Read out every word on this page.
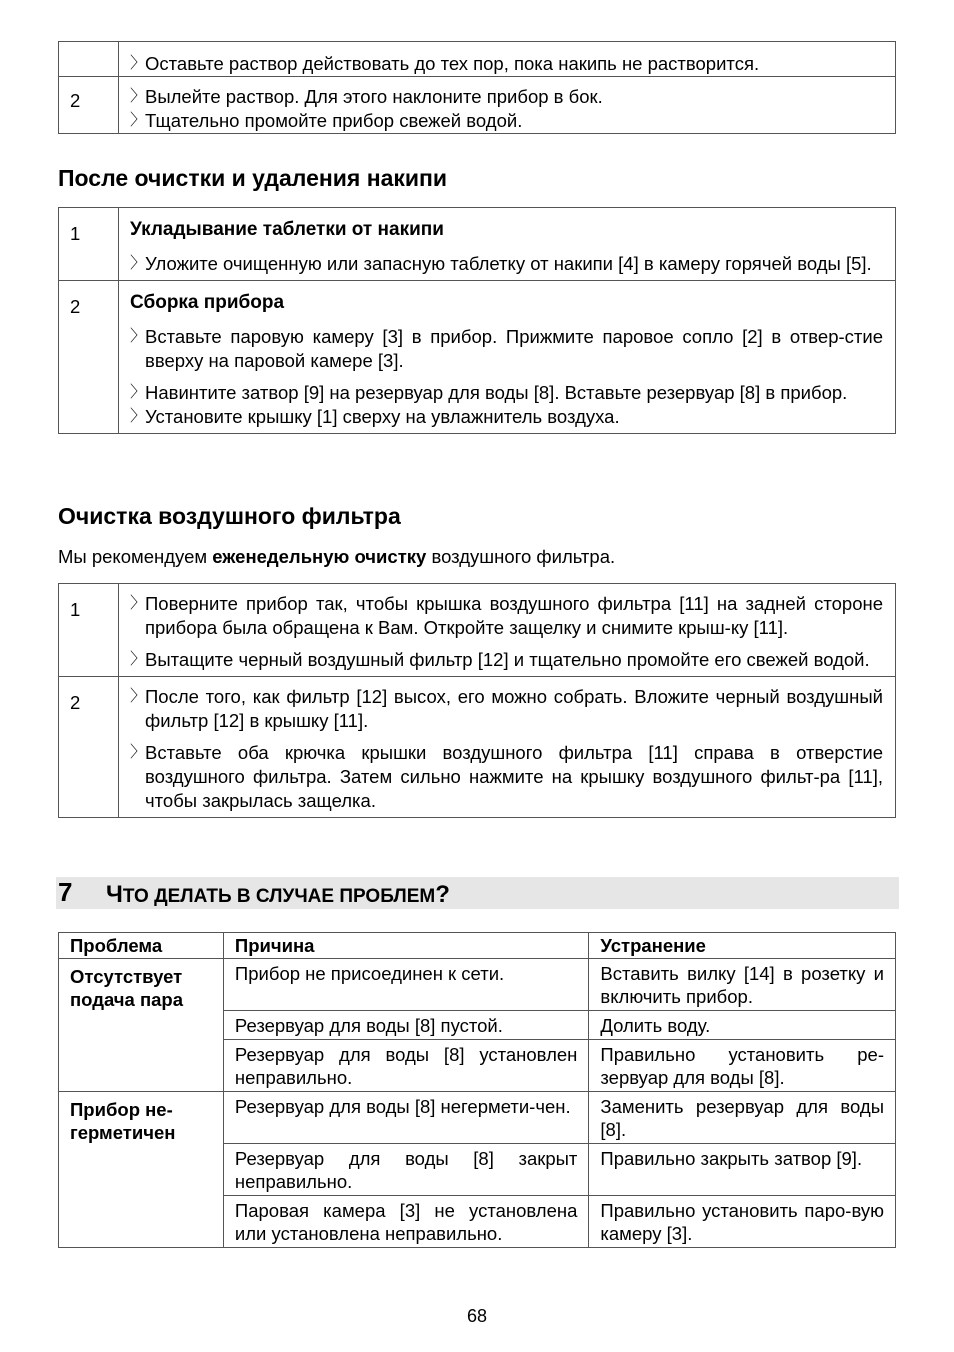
	〉 Оставьте раствор действовать до тех пор, пока накипь не растворится.

2	〉 Вылейте раствор. Для этого наклоните прибор в бок.
〉 Тщательно промойте прибор свежей водой.
После очистки и удаления накипи
1	Укладывание таблетки от накипи
〉 Уложите очищенную или запасную таблетку от накипи [4] в камеру горячей воды [5].

2	Сборка прибора
〉 Вставьте паровую камеру [3] в прибор. Прижмите паровое сопло [2] в отвер-стие вверху на паровой камере [3].
〉 Навинтите затвор [9] на резервуар для воды [8]. Вставьте резервуар [8] в прибор.
〉 Установите крышку [1] сверху на увлажнитель воздуха.
Очистка воздушного фильтра
Мы рекомендуем еженедельную очистку воздушного фильтра.
1	〉 Поверните прибор так, чтобы крышка воздушного фильтра [11] на задней стороне прибора была обращена к Вам. Откройте защелку и снимите крыш-ку [11].
〉 Вытащите черный воздушный фильтр [12] и тщательно промойте его свежей водой.

2	〉 После того, как фильтр [12] высох, его можно собрать. Вложите черный воздушный фильтр [12] в крышку [11].
〉 Вставьте оба крючка крышки воздушного фильтра [11] справа в отверстие воздушного фильтра. Затем сильно нажмите на крышку воздушного фильт-ра [11], чтобы закрылась защелка.
7 ЧТО ДЕЛАТЬ В СЛУЧАЕ ПРОБЛЕМ?
Проблема	Причина	Устранение
Отсутствует подача пара	Прибор не присоединен к сети.	Вставить вилку [14] в розетку и включить прибор.
	Резервуар для воды [8] пустой.	Долить воду.
	Резервуар для воды [8] установлен неправильно.	Правильно установить ре-зервуар для воды [8].
Прибор не-герметичен	Резервуар для воды [8] негермети-чен.	Заменить резервуар для воды [8].
	Резервуар для воды [8] закрыт неправильно.	Правильно закрыть затвор [9].
	Паровая камера [3] не установлена или установлена неправильно.	Правильно установить паро-вую камеру [3].
68
